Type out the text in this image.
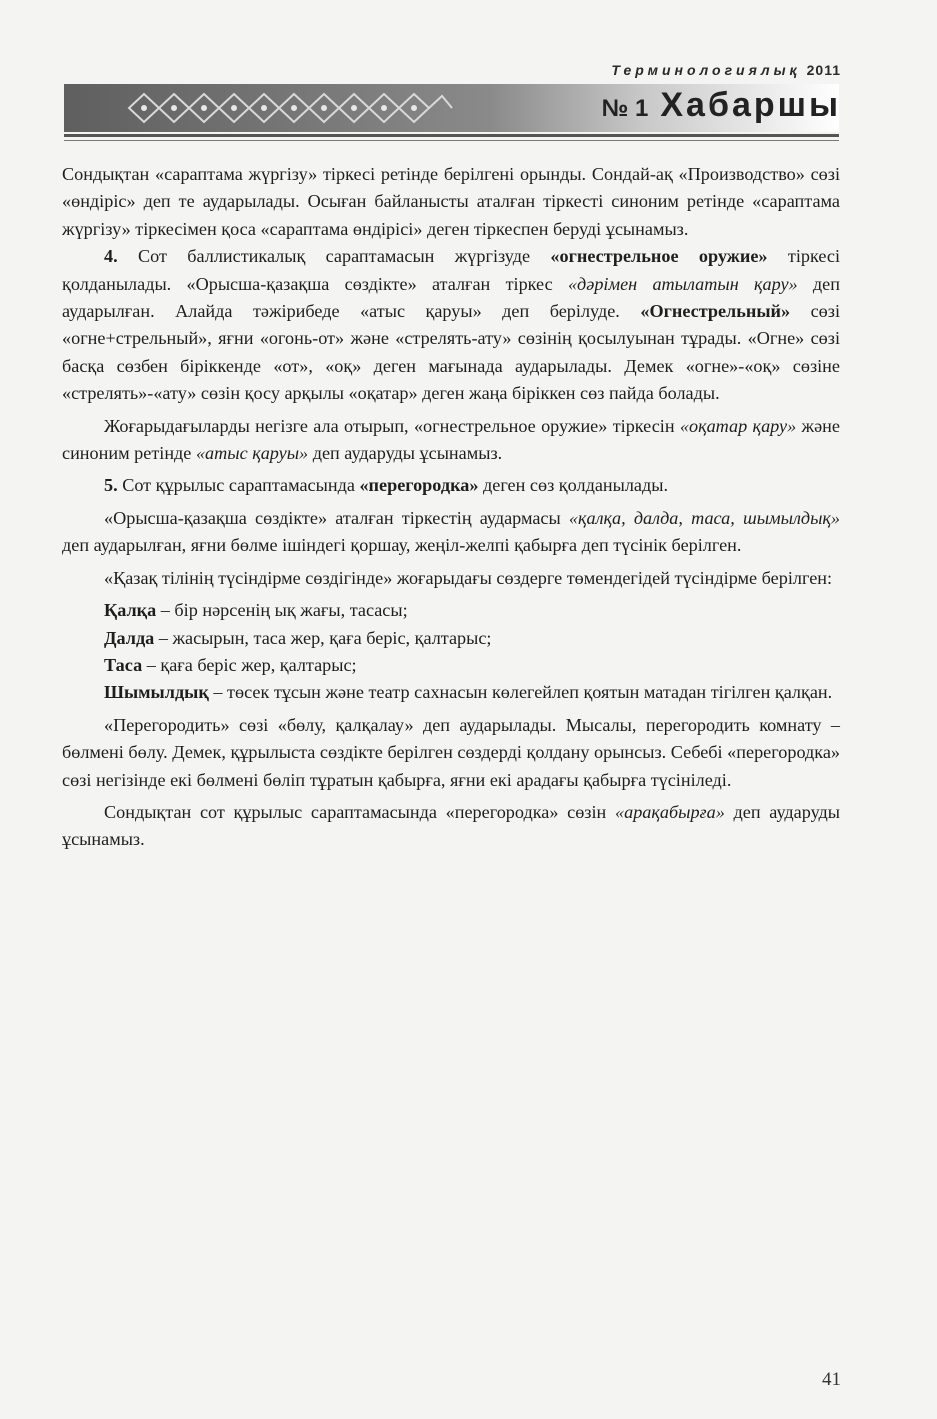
Терминологиялық 2011
№ 1 Хабаршы

Сондықтан «сараптама жүргізу» тіркесі ретінде берілгені орынды. Сондай-ақ «Производство» сөзі «өндіріс» деп те аударылады. Осыған байланысты аталған тіркесті синоним ретінде «сараптама жүргізу» тіркесімен қоса «сараптама өндірісі» деген тіркеспен беруді ұсынамыз.

4. Сот баллистикалық сараптамасын жүргізуде «огнестрельное оружие» тіркесі қолданылады. «Орысша-қазақша сөздікте» аталған тіркес «дәрімен атылатын қару» деп аударылған. Алайда тәжірибеде «атыс қаруы» деп берілуде. «Огнестрельный» сөзі «огне+стрельный», яғни «огонь-от» және «стрелять-ату» сөзінің қосылуынан тұрады. «Огне» сөзі басқа сөзбен біріккенде «от», «оқ» деген мағынада аударылады. Демек «огне»-«оқ» сөзіне «стрелять»-«ату» сөзін қосу арқылы «оқатар» деген жаңа біріккен сөз пайда болады.

Жоғарыдағыларды негізге ала отырып, «огнестрельное оружие» тіркесін «оқатар қару» және синоним ретінде «атыс қаруы» деп аударуды ұсынамыз.

5. Сот құрылыс сараптамасында «перегородка» деген сөз қолданылады.

«Орысша-қазақша сөздікте» аталған тіркестің аудармасы «қалқа, далда, таса, шымылдық» деп аударылған, яғни бөлме ішіндегі қоршау, жеңіл-желпі қабырға деп түсінік берілген.

«Қазақ тілінің түсіндірме сөздігінде» жоғарыдағы сөздерге төмендегідей түсіндірме берілген:

Қалқа – бір нәрсенің ық жағы, тасасы;

Далда – жасырын, таса жер, қаға беріс, қалтарыс;

Таса – қаға беріс жер, қалтарыс;

Шымылдық – төсек тұсын және театр сахнасын көлегейлеп қоятын матадан тігілген қалқан.

«Перегородить» сөзі «бөлу, қалқалау» деп аударылады. Мысалы, перегородить комнату – бөлмені бөлу. Демек, құрылыста сөздікте берілген сөздерді қолдану орынсыз. Себебі «перегородка» сөзі негізінде екі бөлмені бөліп тұратын қабырға, яғни екі арадағы қабырға түсініледі.

Сондықтан сот құрылыс сараптамасында «перегородка» сөзін «арақабырға» деп аударуды ұсынамыз.

41
